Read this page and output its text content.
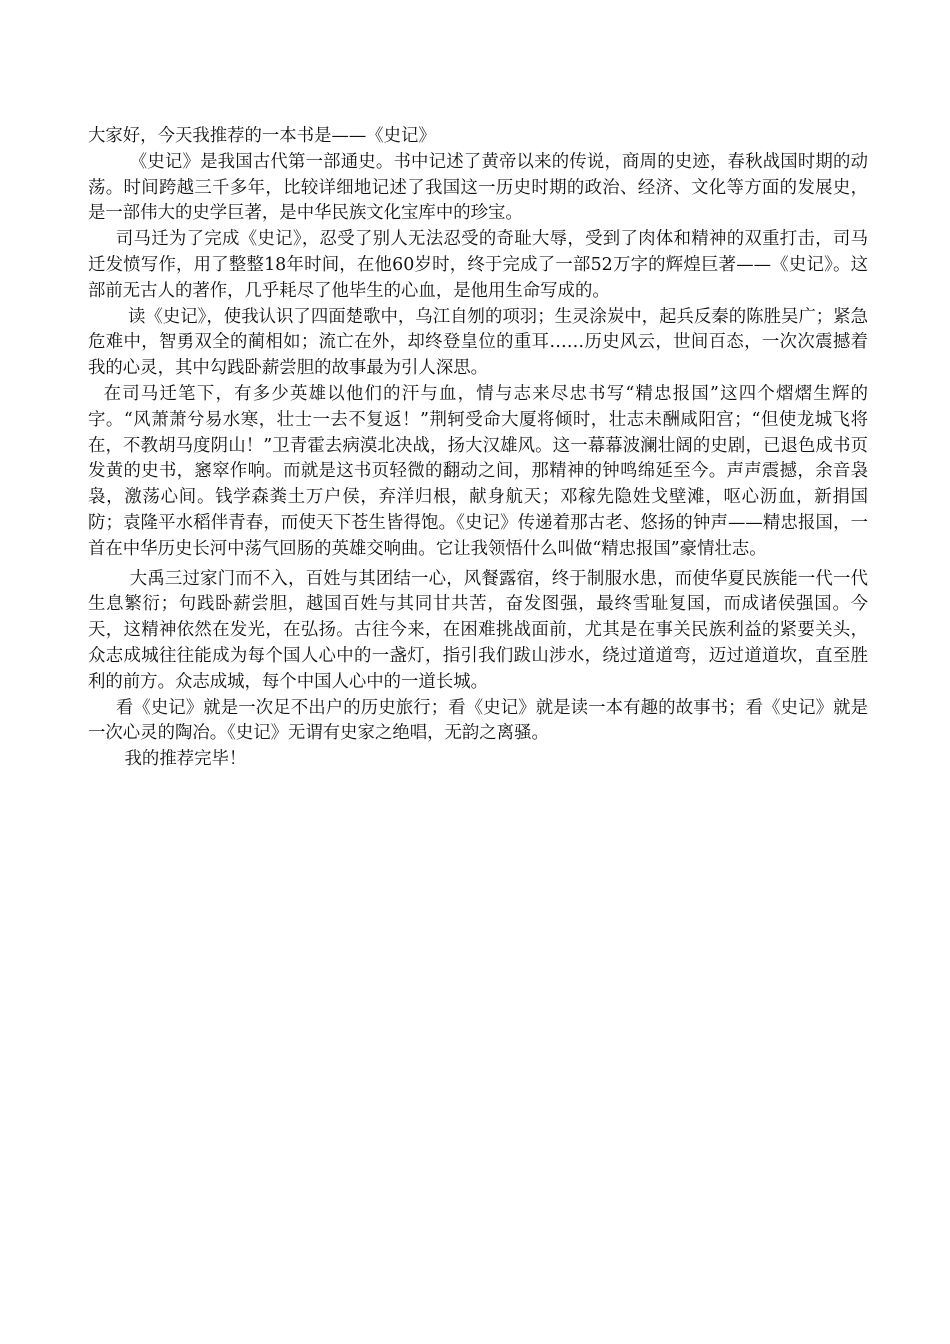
大家好，今天我推荐的一本书是——《史记》

《史记》是我国古代第一部通史。书中记述了黄帝以来的传说，商周的史迹，春秋战国时期的动荡。时间跨越三千多年，比较详细地记述了我国这一历史时期的政治、经济、文化等方面的发展史，是一部伟大的史学巨著，是中华民族文化宝库中的珍宝。

司马迁为了完成《史记》，忍受了别人无法忍受的奇耻大辱，受到了肉体和精神的双重打击，司马迁发愤写作，用了整整18年时间，在他60岁时，终于完成了一部52万字的辉煌巨著——《史记》。这部前无古人的著作，几乎耗尽了他毕生的心血，是他用生命写成的。

读《史记》，使我认识了四面楚歌中，乌江自刎的项羽；生灵涂炭中，起兵反秦的陈胜吴广；紧急危难中，智勇双全的蔺相如；流亡在外，却终登皇位的重耳……历史风云，世间百态，一次次震撼着我的心灵，其中勾践卧薪尝胆的故事最为引人深思。

在司马迁笔下，有多少英雄以他们的汗与血，情与志来尽忠书写“精忠报国”这四个熠熠生辉的字。“风萧萧兮易水寒，壮士一去不复返！”荆轲受命大厦将倾时，壮志未酬咸阳宫；“但使龙城飞将在，不教胡马度阴山！”卫青霍去病漠北决战，扬大汉雄风。这一幕幕波澜壮阔的史剧，已退色成书页发黄的史书，窸窣作响。而就是这书页轻微的翻动之间，那精神的钟鸣绵延至今。声声震撼，余音袅袅，激荡心间。钱学森粪土万户侯，弃洋归根，献身航天；邓稼先隐姓戈壁滩，呕心沥血，新捐国防；袁隆平水稻伴青春，而使天下苍生皆得饱。《史记》传递着那古老、悠扬的钟声——精忠报国，一首在中华历史长河中荡气回肠的英雄交响曲。它让我领悟什么叫做“精忠报国”豪情壮志。

大禹三过家门而不入，百姓与其团结一心，风餐露宿，终于制服水患，而使华夏民族能一代一代生息繁衍；句践卧薪尝胆，越国百姓与其同甘共苦，奋发图强，最终雪耻复国，而成诸侯强国。今天，这精神依然在发光，在弘扬。古往今来，在困难挑战面前，尤其是在事关民族利益的紧要关头，众志成城往往能成为每个国人心中的一盏灯，指引我们跋山涉水，绕过道道弯，迈过道道坎，直至胜利的前方。众志成城，每个中国人心中的一道长城。

看《史记》就是一次足不出户的历史旅行；看《史记》就是读一本有趣的故事书；看《史记》就是一次心灵的陶冶。《史记》无谓有史家之绝唱，无韵之离骚。

我的推荐完毕！
